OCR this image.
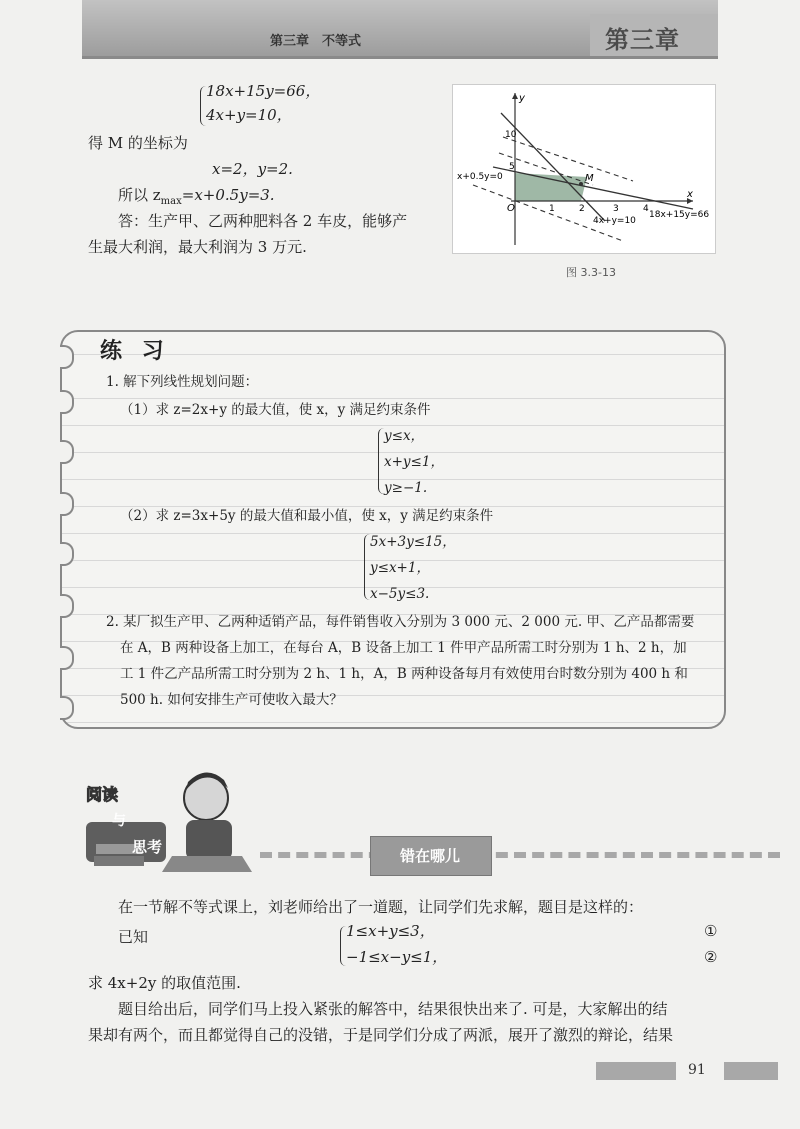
第三章　不等式	第三章
18x+15y=66，
4x+y=10，
得 M 的坐标为
x=2，y=2.
所以 $z_{max}=x+0.5y=3$.
答：生产甲、乙两种肥料各 2 车皮，能够产
生最大利润，最大利润为 3 万元.
y
x
O
M
10
5
1	2	3	4
x+0.5y=0
4x+y=10
18x+15y=66
图 3.3-13
练 习
1. 解下列线性规划问题：
（1）求 z=2x+y 的最大值，使 x，y 满足约束条件
y≤x，
x+y≤1，
y≥−1.
（2）求 z=3x+5y 的最大值和最小值，使 x，y 满足约束条件
5x+3y≤15，
y≤x+1，
x−5y≤3.
2. 某厂拟生产甲、乙两种适销产品，每件销售收入分别为 3 000 元、2 000 元. 甲、乙产品都需要
在 A，B 两种设备上加工，在每台 A，B 设备上加工 1 件甲产品所需工时分别为 1 h、2 h，加
工 1 件乙产品所需工时分别为 2 h、1 h，A，B 两种设备每月有效使用台时数分别为 400 h 和
500 h. 如何安排生产可使收入最大？
阅读
与
思考	错在哪儿
在一节解不等式课上，刘老师给出了一道题，让同学们先求解，题目是这样的：
已知	1≤x+y≤3，
−1≤x−y≤1，
①
②
求 4x+2y 的取值范围.
题目给出后，同学们马上投入紧张的解答中，结果很快出来了. 可是，大家解出的结
果却有两个，而且都觉得自己的没错，于是同学们分成了两派，展开了激烈的辩论，结果
91
